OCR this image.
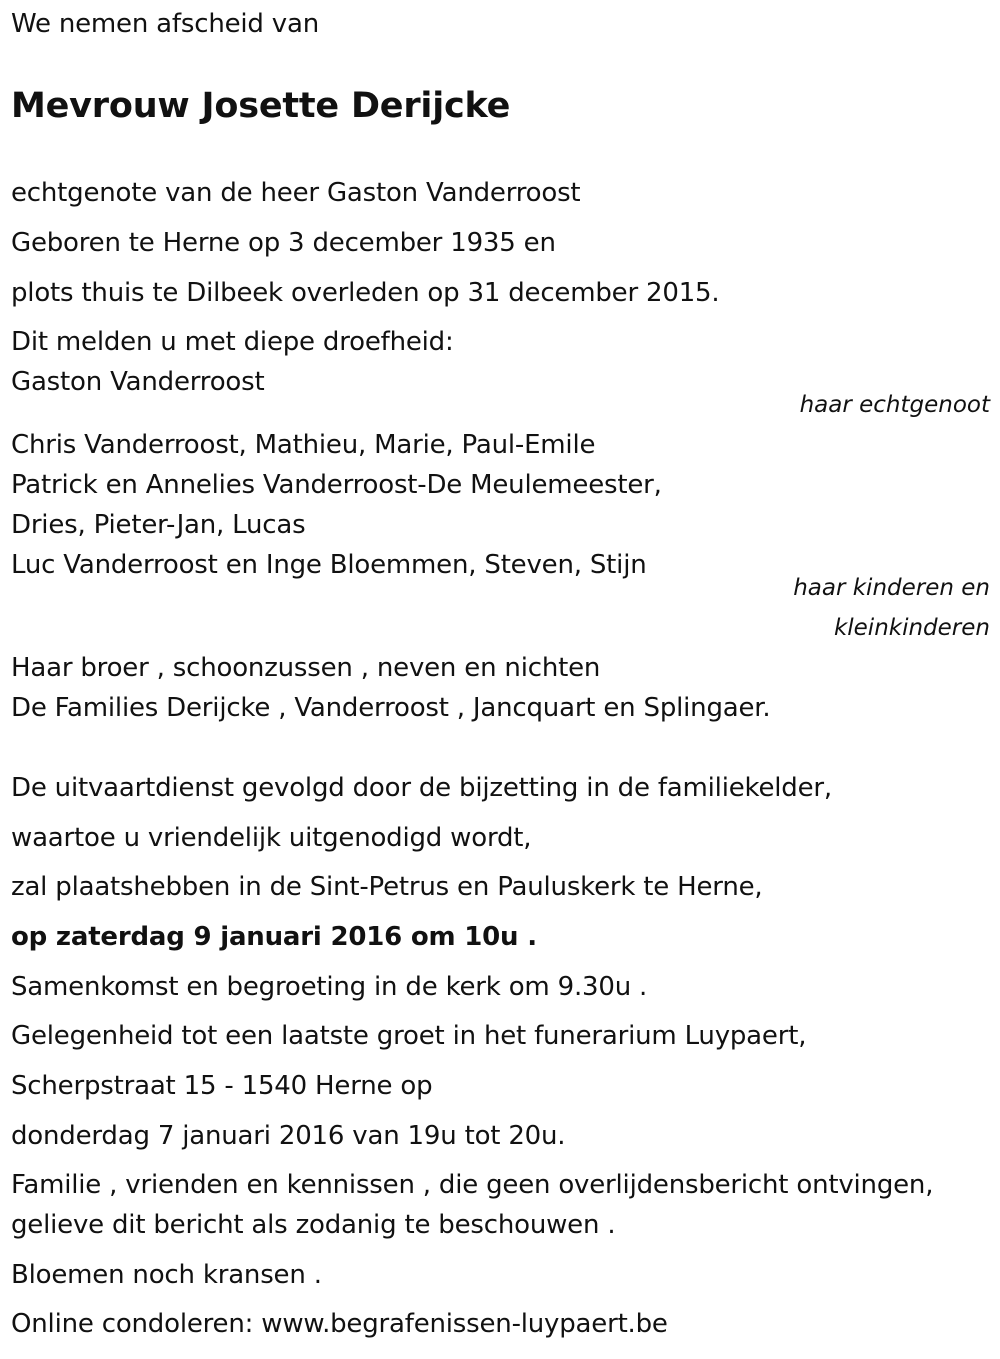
We nemen afscheid van
Mevrouw Josette Derijcke
echtgenote van de heer Gaston Vanderroost
Geboren te Herne op 3 december 1935 en
plots thuis te Dilbeek overleden op 31 december 2015.
Dit melden u met diepe droefheid:
Gaston Vanderroost
haar echtgenoot
Chris Vanderroost, Mathieu, Marie, Paul-Emile
Patrick en Annelies Vanderroost-De Meulemeester,
Dries, Pieter-Jan, Lucas
Luc Vanderroost en Inge Bloemmen, Steven, Stijn
haar kinderen en
kleinkinderen
Haar broer , schoonzussen , neven en nichten
De Families Derijcke , Vanderroost , Jancquart en Splingaer.
De uitvaartdienst gevolgd door de bijzetting in de familiekelder,
waartoe u vriendelijk uitgenodigd wordt,
zal plaatshebben in de Sint-Petrus en Pauluskerk te Herne,
op zaterdag 9 januari 2016 om 10u .
Samenkomst en begroeting in de kerk om 9.30u .
Gelegenheid tot een laatste groet in het funerarium Luypaert,
Scherpstraat 15 - 1540 Herne op
donderdag 7 januari 2016 van 19u tot 20u.
Familie , vrienden en kennissen , die geen overlijdensbericht ontvingen,
gelieve dit bericht als zodanig te beschouwen .
Bloemen noch kransen .
Online condoleren: www.begrafenissen-luypaert.be
